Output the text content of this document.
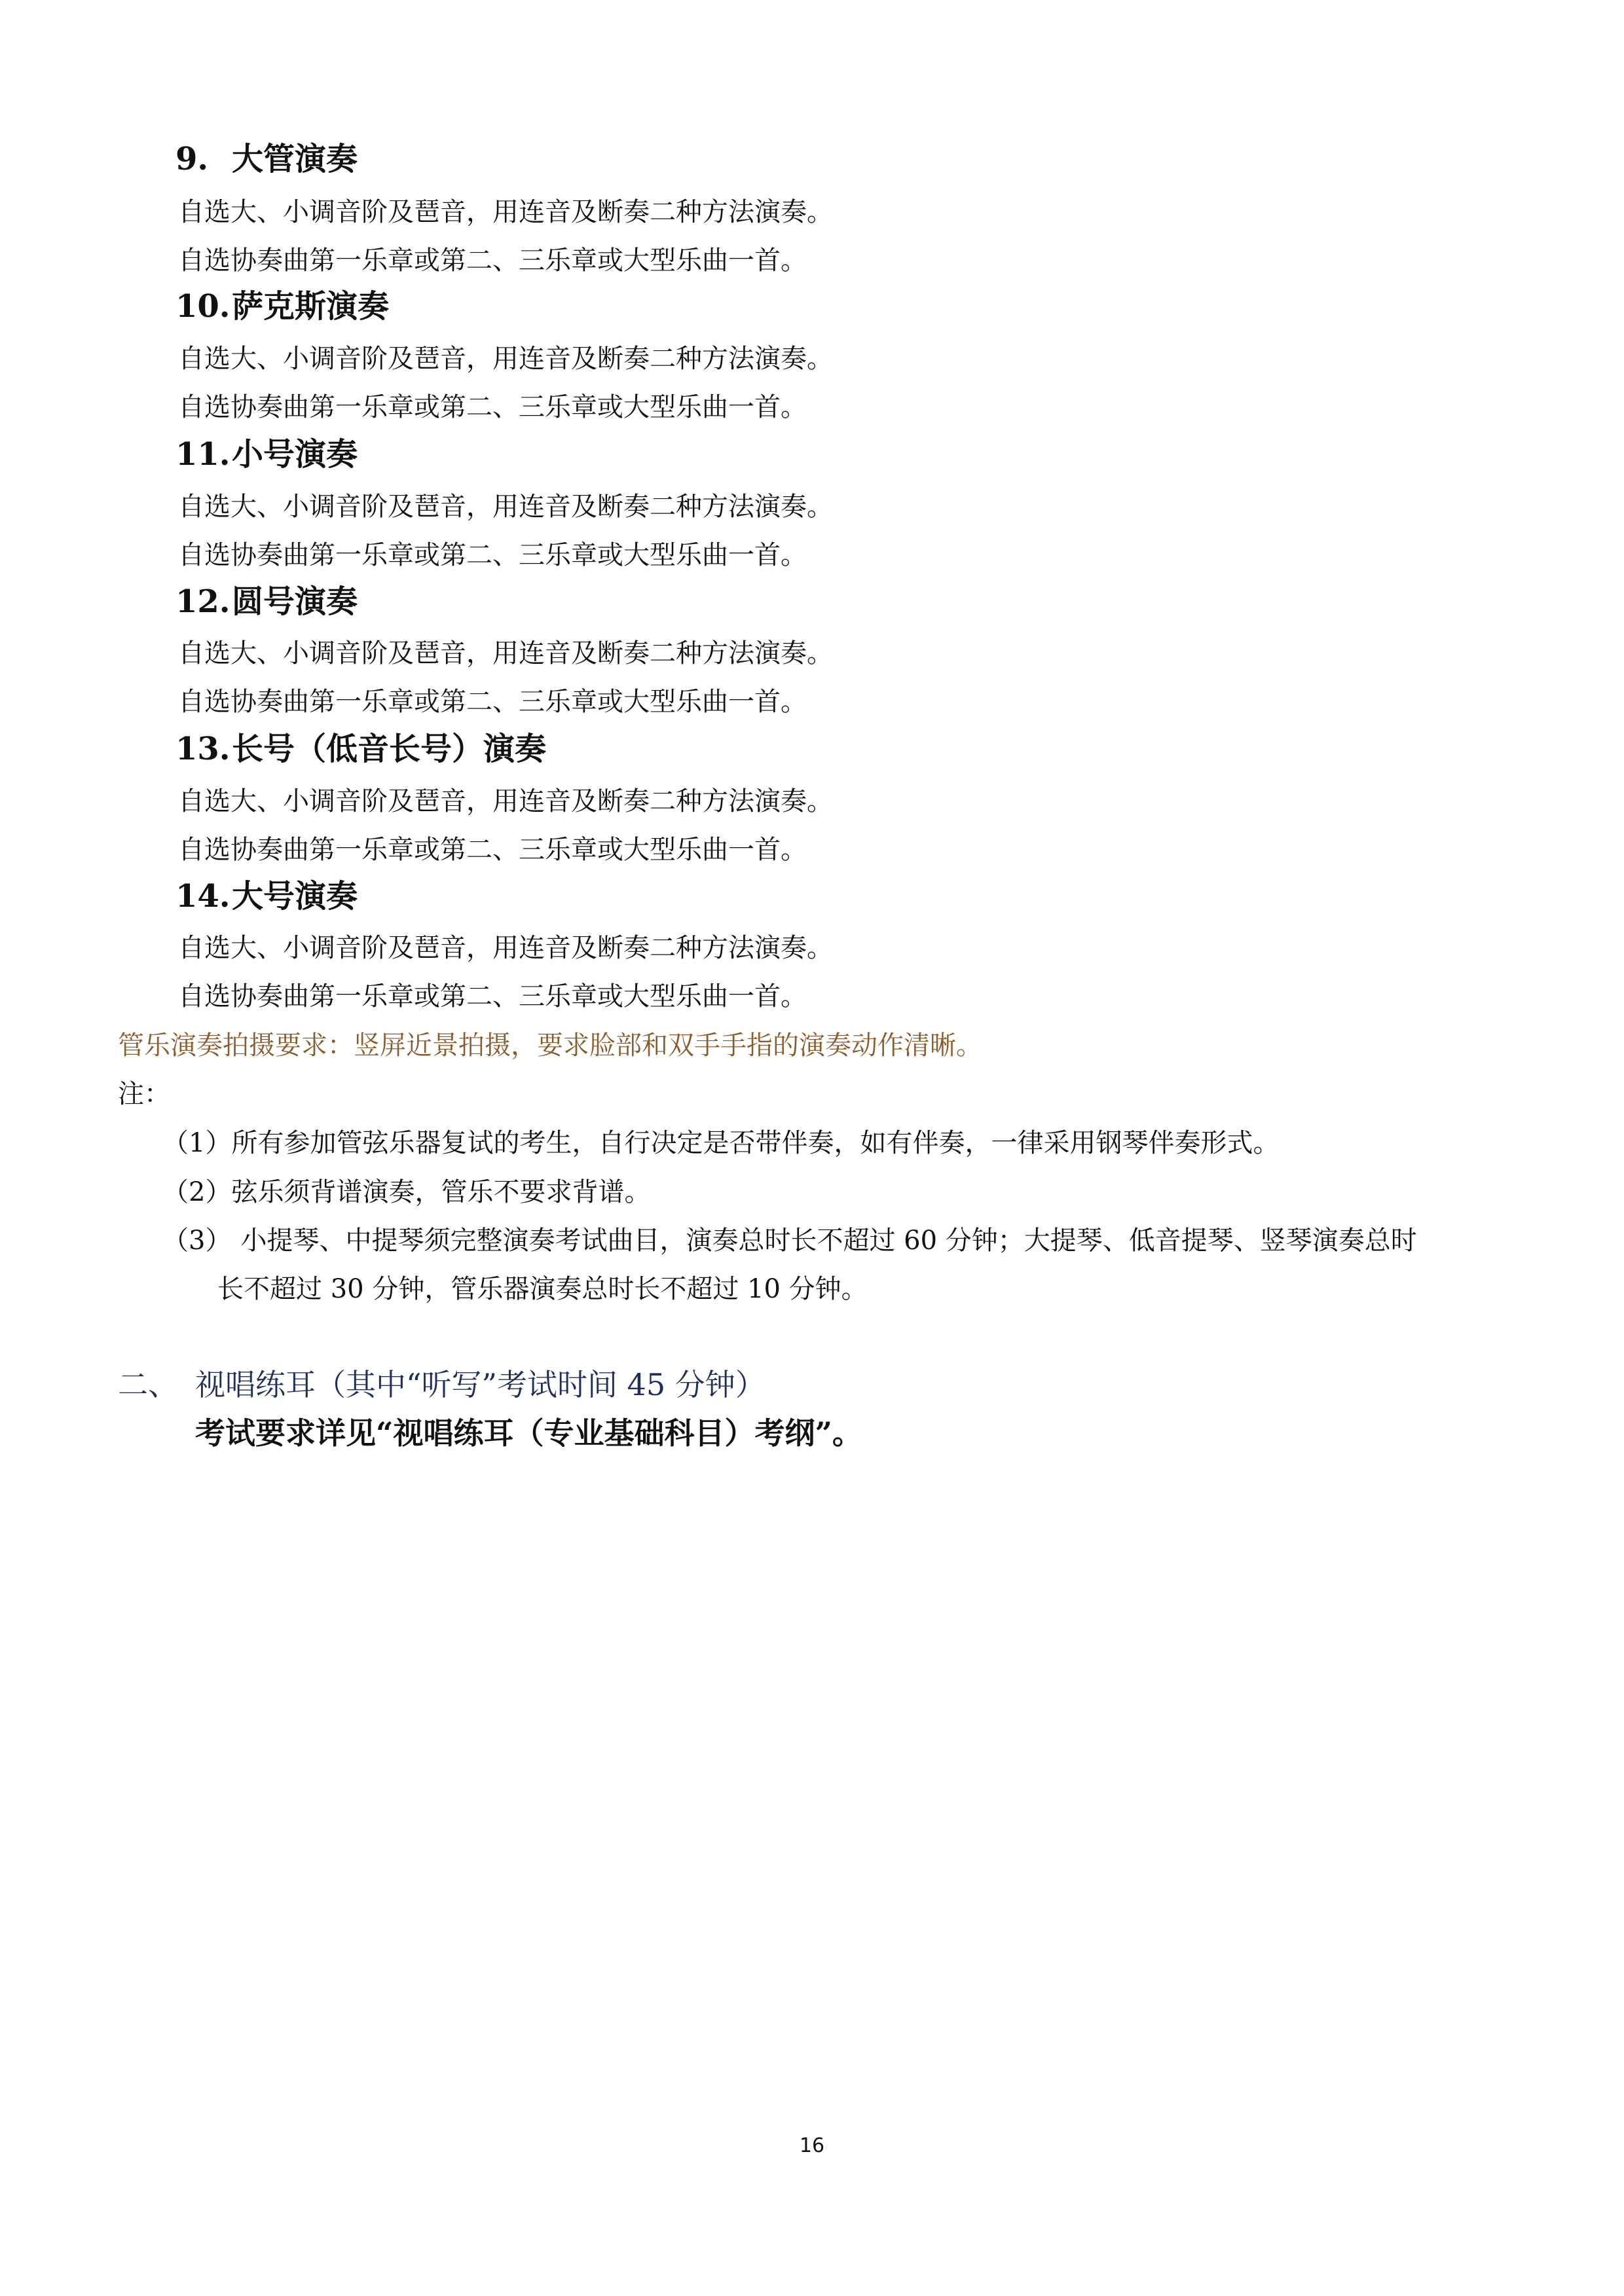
9. 大管演奏
自选大、小调音阶及琶音，用连音及断奏二种方法演奏。
自选协奏曲第一乐章或第二、三乐章或大型乐曲一首。
10.萨克斯演奏
自选大、小调音阶及琶音，用连音及断奏二种方法演奏。
自选协奏曲第一乐章或第二、三乐章或大型乐曲一首。
11.小号演奏
自选大、小调音阶及琶音，用连音及断奏二种方法演奏。
自选协奏曲第一乐章或第二、三乐章或大型乐曲一首。
12.圆号演奏
自选大、小调音阶及琶音，用连音及断奏二种方法演奏。
自选协奏曲第一乐章或第二、三乐章或大型乐曲一首。
13.长号（低音长号）演奏
自选大、小调音阶及琶音，用连音及断奏二种方法演奏。
自选协奏曲第一乐章或第二、三乐章或大型乐曲一首。
14.大号演奏
自选大、小调音阶及琶音，用连音及断奏二种方法演奏。
自选协奏曲第一乐章或第二、三乐章或大型乐曲一首。
管乐演奏拍摄要求：竖屏近景拍摄，要求脸部和双手手指的演奏动作清晰。
注：
（1）所有参加管弦乐器复试的考生，自行决定是否带伴奏，如有伴奏，一律采用钢琴伴奏形式。
（2）弦乐须背谱演奏，管乐不要求背谱。
（3） 小提琴、中提琴须完整演奏考试曲目，演奏总时长不超过 60 分钟；大提琴、低音提琴、竖琴演奏总时
长不超过 30 分钟，管乐器演奏总时长不超过 10 分钟。
二、 视唱练耳（其中“听写”考试时间 45 分钟）
考试要求详见“视唱练耳（专业基础科目）考纲”。
16
